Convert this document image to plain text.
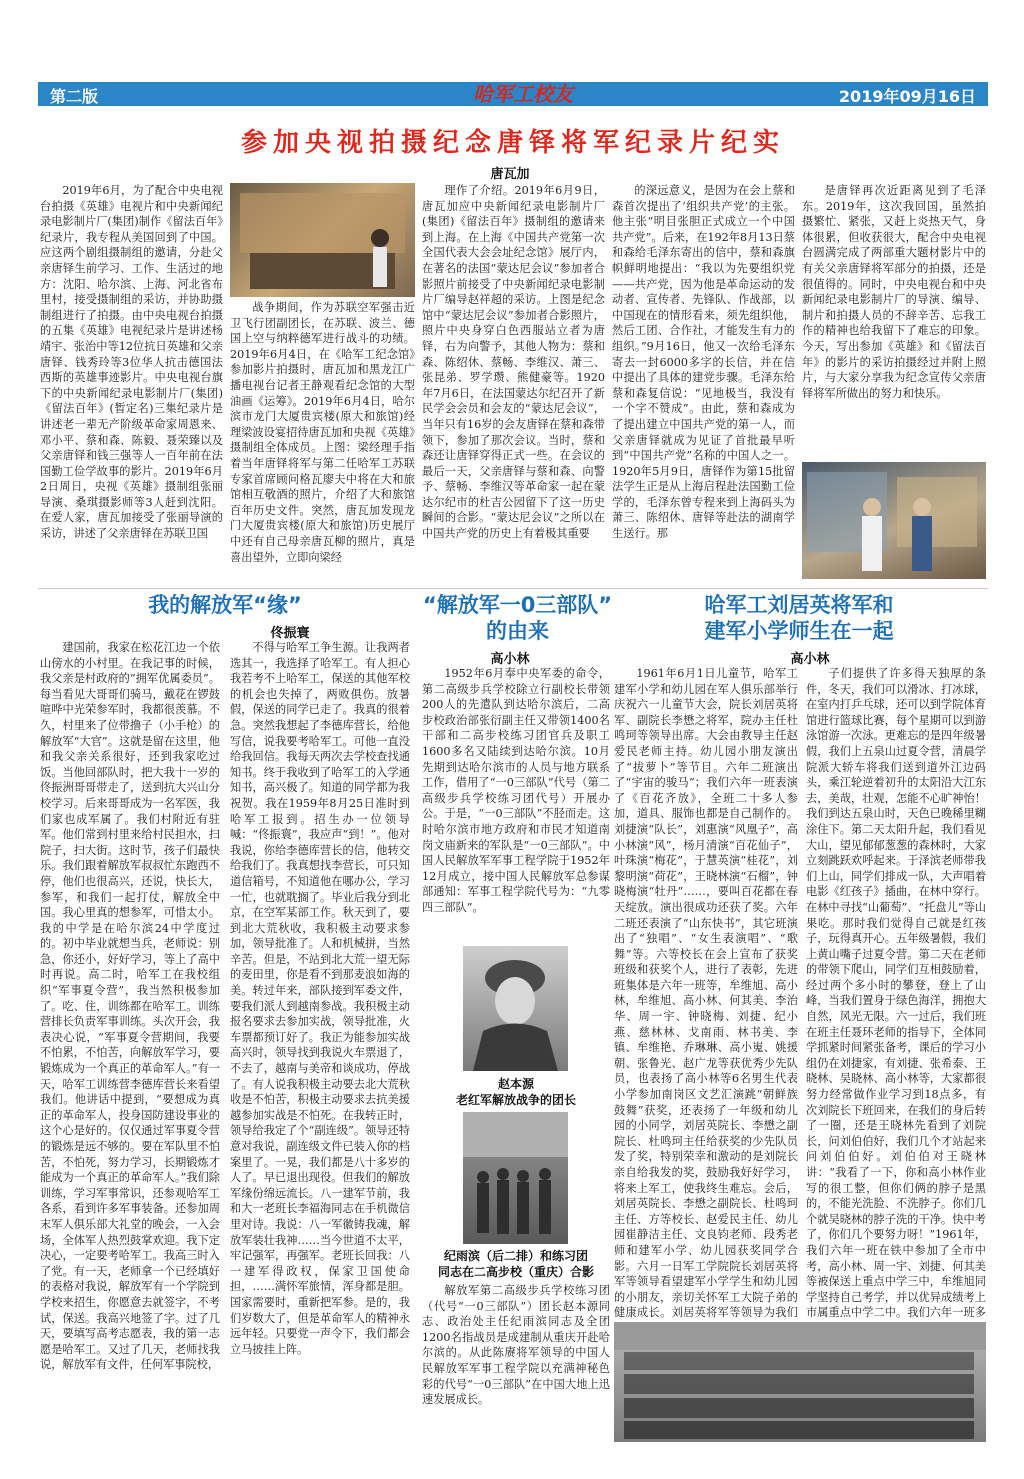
第二版	哈军工校友	2019年09月16日
参加央视拍摄纪念唐铎将军纪录片纪实
唐瓦加

2019年6月，为了配合中央电视台拍摄《英雄》电视片和中央新闻纪录电影制片厂(集团)制作《留法百年》纪录片，我专程从美国回到了中国。应这两个剧组摄制组的邀请，分赴父亲唐铎生前学习、工作、生活过的地方：沈阳、哈尔滨、上海、河北省布里村，接受摄制组的采访，并协助摄制组进行了拍摄。由中央电视台拍摄的五集《英雄》电视纪录片是讲述杨靖宇、张治中等12位抗日英雄和父亲唐铎、钱秀玲等3位华人抗击德国法西斯的英雄事迹影片。中央电视台旗下的中央新闻纪录电影制片厂(集团)《留法百年》(暂定名)三集纪录片是讲述老一辈无产阶级革命家周恩来、邓小平、蔡和森、陈毅、聂荣臻以及父亲唐铎和钱三强等人一百年前在法国勤工俭学故事的影片。2019年6月2日周日，央视《英雄》摄制组张丽导演、桑琪摄影师等3人赶到沈阳。在爱人家，唐瓦加接受了张丽导演的采访，讲述了父亲唐铎在苏联卫国

战争期间，作为苏联空军强击近卫飞行团副团长，在苏联、波兰、德国上空与纳粹德军进行战斗的功绩。2019年6月4日，在《哈军工纪念馆》参加影片拍摄时，唐瓦加和黑龙江广播电视台记者王静观看纪念馆的大型油画《运筹》。2019年6月4日，哈尔滨市龙门大厦贵宾楼(原大和旅馆)经理梁波设宴招待唐瓦加和央视《英雄》摄制组全体成员。上图：梁经理手指着当年唐铎将军与第二任哈军工苏联专家首席顾问格瓦廖夫中将在大和旅馆相互敬酒的照片，介绍了大和旅馆百年历史文件。突然，唐瓦加发现龙门大厦贵宾楼(原大和旅馆)历史展厅中还有自己母亲唐瓦柳的照片，真是喜出望外，立即向梁经

理作了介绍。2019年6月9日，唐瓦加应中央新闻纪录电影制片厂(集团)《留法百年》摄制组的邀请来到上海。在上海《中国共产党第一次全国代表大会会址纪念馆》展厅内，在著名的法国“蒙达尼会议”参加者合影照片前接受了中央新闻纪录电影制片厂编导赵祥超的采访。上图是纪念馆中“蒙达尼会议”参加者合影照片，照片中央身穿白色西服站立者为唐铎，右为向警予，其他人物为：蔡和森、陈绍休、蔡畅、李维汉、萧三、张昆弟、罗学瓒、熊健豪等。1920年7月6日，在法国蒙达尔纪召开了新民学会会员和会友的“蒙达尼会议”，当年只有16岁的会友唐铎在蔡和森带领下，参加了那次会议。当时，蔡和森还让唐铎穿得正式一些。在会议的最后一天，父亲唐铎与蔡和森、向警予、蔡畅、李维汉等革命家一起在蒙达尔纪市的杜吉公园留下了这一历史瞬间的合影。“蒙达尼会议”之所以在中国共产党的历史上有着极其重要

的深远意义，是因为在会上蔡和森首次提出了‘组织共产党’的主张。他主张“明目张胆正式成立一个中国共产党”。后来，在192年8月13日蔡和森给毛泽东寄出的信中，蔡和森旗帜鲜明地提出：“我以为先要组织党——共产党，因为他是革命运动的发动者、宣传者、先锋队、作战部，以中国现在的情形看来，须先组织他，然后工团、合作社，才能发生有力的组织。”9月16日，他又一次给毛泽东寄去一封6000多字的长信，并在信中提出了具体的建党步骤。毛泽东给蔡和森复信说：“见地极当，我没有一个字不赞成”。由此，蔡和森成为了提出建立中国共产党的第一人，而父亲唐铎就成为见证了首批最早听到“中国共产党”名称的中国人之一。1920年5月9日，唐铎作为第15批留法学生正是从上海启程赴法国勤工俭学的，毛泽东曾专程来到上海码头为萧三、陈绍休、唐铎等赴法的湖南学生送行。那

是唐铎再次近距离见到了毛泽东。2019年，这次我回国，虽然拍摄繁忙、紧张，又赶上炎热天气，身体很累，但收获很大，配合中央电视台圆满完成了两部重大题材影片中的有关父亲唐铎将军部分的拍摄，还是很值得的。同时，中央电视台和中央新闻纪录电影制片厂的导演、编导、制片和拍摄人员的不辞辛苦、忘我工作的精神也给我留下了难忘的印象。今天，写出参加《英雄》和《留法百年》的影片的采访拍摄经过并附上照片，与大家分享我为纪念宣传父亲唐铎将军所做出的努力和快乐。

我的解放军“缘”
佟振寰

建国前，我家在松花江边一个依山傍水的小村里。在我记事的时候，我父亲是村政府的“拥军优属委员”。每当看见大哥哥们骑马，戴花在锣鼓喧哗中光荣参军时，我都很羡慕。不久，村里来了位带撸子（小手枪）的解放军“大官”。这就是留在这里，他和我父亲关系很好，还到我家吃过饭。当他回部队时，把大我十一岁的佟振洲哥哥带走了，送到抗大兴山分校学习。后来哥哥成为一名军医，我们家也成军属了。我们村附近有驻军。他们常到村里来给村民担水，扫院子，扫大街。这时节，孩子们最快乐。我们跟着解放军叔叔忙东跑西不停，他们也很高兴，还说，快长大，参军，和我们一起打仗，解放全中国。我心里真的想参军，可惜太小。我的中学是在哈尔滨24中学度过的。初中毕业就想当兵，老师说：别急，你还小，好好学习，等上了高中时再说。高二时，哈军工在我校组织“军事夏令营”，我当然积极参加了。吃、住，训练都在哈军工。训练营排长负责军事训练。头次开会，我表决心说，“军事夏令营期间，我要不怕累，不怕苦，向解放军学习，要锻炼成为一个真正的革命军人。”有一天，哈军工训练营李德库营长来看望我们。他讲话中提到，“要想成为真正的革命军人，投身国防建设事业的这个心是好的。仅仅通过军事夏令营的锻炼是远不够的。要在军队里不怕苦，不怕死，努力学习，长期锻炼才能成为一个真正的革命军人。”我们除训练，学习军事常识，还参观哈军工各系，看到许多军事装备。还参加周末军人俱乐部大礼堂的晚会，一入会场，全体军人热烈鼓掌欢迎。我下定决心，一定要考哈军工。我高三时入了党。有一天，老师拿一个已经填好的表格对我说，解放军有一个学院到学校来招生，你愿意去就签字，不考试，保送。我高兴地签了字。过了几天，要填写高考志愿表，我的第一志愿是哈军工。又过了几天，老师找我说，解放军有文件，任何军事院校，

不得与哈军工争生源。让我两者选其一，我选择了哈军工。有人担心我若考不上哈军工，保送的其他军校的机会也失掉了，两败俱伤。放暑假，保送的同学已走了。我真的很着急。突然我想起了李德库营长，给他写信，说我要考哈军工。可他一直没给我回信。我每天两次去学校查找通知书。终于我收到了哈军工的入学通知书，高兴极了。知道的同学都为我祝贺。我在1959年8月25日准时到哈军工报到。招生办一位领导喊：“佟振寰”，我应声“到！”。他对我说，你给李德库营长的信，他转交给我们了。我真想找李营长，可只知道信箱号，不知道他在哪办公，学习一忙，也就耽搁了。毕业后我分到北京，在空军某部工作。秋天到了，要到北大荒秋收，我积极主动要求参加，领导批准了。人和机械拼，当然辛苦。但是，不站到北大荒一望无际的麦田里，你是看不到那麦浪如海的美。转过年来，部队接到军委文件，要我们派人到越南参战。我积极主动报名要求去参加实战，领导批准，火车票都预订好了。我正为能参加实战高兴时，领导找到我说火车票退了，不去了，越南与美帝和谈成功，停战了。有人说我积极主动要去北大荒秋收是不怕苦，积极主动要求去抗美援越参加实战是不怕死。在我转正时，领导给我定了个“副连级”。领导还特意对我说，副连级文件已装入你的档案里了。一晃，我们都是八十多岁的人了。早已退出现役。但我们的解放军缘份绵远流长。八一建军节前，我和大一老班长李福海同志在手机微信里对诗。我说：八一军徽铸我魂，解放军装壮我神……当今世道不太平，牢记强军，再强军。老班长回我：八一建军得政权，保家卫国使命担，……满怀军旅情，浑身都是胆。国家需要时，重新把军参。是的，我们岁数大了，但是革命军人的精神永远年轻。只要党一声令下，我们都会立马披挂上阵。

“解放军一0三部队”
的由来
高小林

1952年6月奉中央军委的命令，第二高级步兵学校除立行副校长带领200人的先遣队到达哈尔滨后，二高步校政治部张衍副主任又带领1400名干部和二高步校练习团官兵及职工1600多名又陆续到达哈尔滨。10月先期到达哈尔滨市的人员与地方联系工作，借用了“一0三部队”代号（第二高级步兵学校练习团代号）开展办公。于是，“一0三部队”不胫而走。这时哈尔滨市地方政府和市民才知道南岗文庙新来的军队是“一0三部队”。中国人民解放军军事工程学院于1952年12月成立，接中国人民解放军总参谋部通知：军事工程学院代号为：“九零四三部队”。

赵本源
老红军解放战争的团长
纪雨滨（后二排）和练习团
同志在二高步校（重庆）合影

解放军第二高级步兵学校练习团（代号“一0三部队”）团长赵本源同志、政治处主任纪雨滨同志及全团1200名指战员是成建制从重庆开赴哈尔滨的。从此陈赓将军领导的中国人民解放军军事工程学院以充满神秘色彩的代号“一0三部队”在中国大地上迅速发展成长。

哈军工刘居英将军和
建军小学师生在一起
高小林

1961年6月1日儿童节，哈军工建军小学和幼儿园在军人俱乐部举行庆祝六一儿童节大会，院长刘居英将军、副院长李懋之将军，院办主任杜鸣珂等领导出席。大会由教导主任赵爱民老师主持。幼儿园小朋友演出了“拔萝卜”等节目。六年二班演出了“宇宙的骏马”；我们六年一班表演了《百花齐放》，全班二十多人参加，道具、服饰也都是自己制作的。刘捷演“队长”，刘惠演“风凰子”，高小林演“风”，杨月清演“百花仙子”，叶珠演“梅花”，于慧英演“桂花”，刘黎明演“荷花”，王晓林演“石榴”，钟晓梅演“牡丹”……，要叫百花都在春天绽放。演出很成功还获了奖。六年二班还表演了“山东快书”，其它班演出了“独唱”、“女生表演唱”、“歌舞”等。六等校长在会上宣布了获奖班级和获奖个人，进行了表彰，先进班集体是六年一班等，牟维旭、高小林，牟维旭、高小林、何其美、李治华、周一宇、钟晓梅、刘捷、纪小燕、慈林林、戈南雨、林书美、李镇、牟维艳、乔琳琳、高小嵬、姚援朝、张鲁光、赵广龙等获优秀少先队员，也表扬了高小林等6名男生代表小学参加南岗区文艺汇演跳“朝鲜族鼓舞”获奖，还表扬了一年级和幼儿园的小同学，刘居英院长、李懋之副院长、杜鸣珂主任给获奖的少先队员发了奖，特别荣幸和激动的是刘院长亲自给我发的奖，鼓励我好好学习，将来上军工，使我终生难忘。会后，刘居英院长、李懋之副院长、杜鸣珂主任、方等校长、赵爱民主任、幼儿园崔静洁主任、文良钧老师、段秀老师和建军小学、幼儿园获奖同学合影。六月一日军工学院院长刘居英将军等领导看望建军小学学生和幼儿园的小朋友，亲切关怀军工大院子弟的健康成长。刘居英将军等领导为我们

子们提供了许多得天独厚的条件，冬天，我们可以滑冰、打冰球，在室内打乒乓球，还可以到学院体育馆进行篮球比赛，每个星期可以到游泳馆游一次泳。更难忘的是四年级暑假，我们上五泉山过夏令营，清晨学院派大轿车将我们送到道外江边码头，乘江轮逆着初升的太阳沿大江东去，美哉，壮观，怎能不心旷神怡！我们到达五泉山时，天色已晚稀里糊涂住下。第二天太阳升起，我们看见大山，望见郁郁葱葱的森林时，大家立刻跳跃欢呼起来。于泽滨老师带我们上山，同学们排成一队，大声唱着电影《红孩子》插曲，在林中穿行。在林中寻找“山葡萄”、“托盘儿”等山果吃。那时我们觉得自己就是红孩子，玩得真开心。五年级暑假，我们上黄山嘴子过夏令营。第二天在老师的带领下爬山，同学们互相鼓励着，经过两个多小时的攀登，登上了山峰，当我们置身于绿色海洋，拥抱大自然，风光无限。六一过后，我们班在班主任聂环老师的指导下，全体同学抓紧时间紧张备考，课后的学习小组仍在刘捷家，有刘捷、张希泰、王晓林、吴晓林、高小林等，大家都很努力经常做作业学习到18点多，有次刘院长下班回来，在我们的身后转了一圈，还是王晓林先看到了刘院长，问刘伯伯好，我们几个才站起来问刘伯伯好。刘伯伯对王晓林讲：“我看了一下，你和高小林作业写的很工整，但你们俩的脖子是黑的，不能光洗脸、不洗脖子。你们几个就吴晓林的脖子洗的干净。快中考了，你们几个要努力呀！”1961年，我们六年一班在铁中参加了全市中考，高小林、周一宇、刘捷、何其美等被保送上重点中学三中，牟维旭同学坚持自己考学，并以优异成绩考上市属重点中学二中。我们六年一班多
